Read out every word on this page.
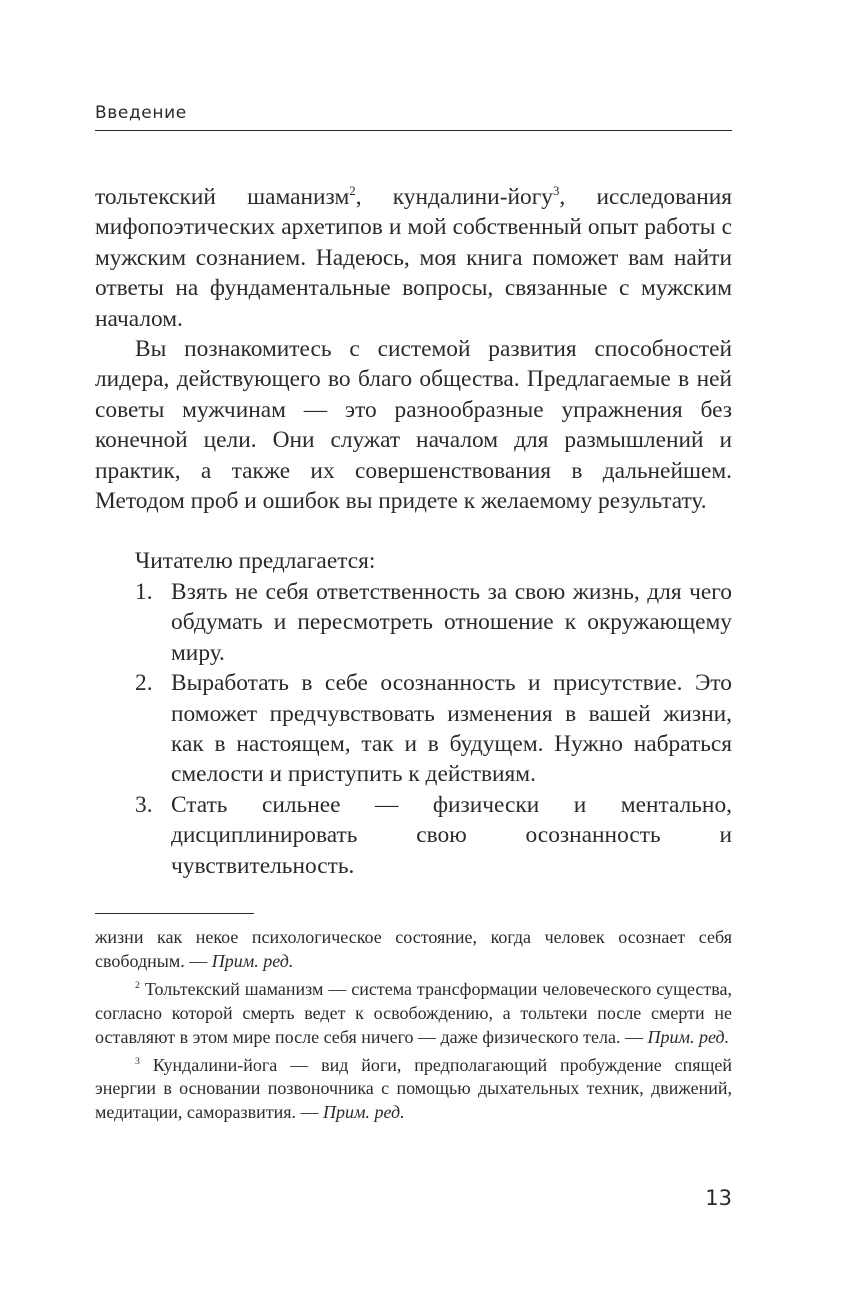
Введение

тольтекский шаманизм$^2$, кундалини-йогу$^3$, исследования мифопоэтических архетипов и мой собственный опыт работы с мужским сознанием. Надеюсь, моя книга поможет вам найти ответы на фундаментальные вопросы, связанные с мужским началом.

Вы познакомитесь с системой развития способностей лидера, действующего во благо общества. Предлагаемые в ней советы мужчинам — это разнообразные упражнения без конечной цели. Они служат началом для размышлений и практик, а также их совершенствования в дальнейшем. Методом проб и ошибок вы придете к желаемому результату.

Читателю предлагается:

1. Взять не себя ответственность за свою жизнь, для чего обдумать и пересмотреть отношение к окружающему миру.
2. Выработать в себе осознанность и присутствие. Это поможет предчувствовать изменения в вашей жизни, как в настоящем, так и в будущем. Нужно набраться смелости и приступить к действиям.
3. Стать сильнее — физически и ментально, дисциплинировать свою осознанность и чувствительность.

жизни как некое психологическое состояние, когда человек осознает себя свободным. — Прим. ред.

$^2$ Тольтекский шаманизм — система трансформации человеческого существа, согласно которой смерть ведет к освобождению, а тольтеки после смерти не оставляют в этом мире после себя ничего — даже физического тела. — Прим. ред.

$^3$ Кундалини-йога — вид йоги, предполагающий пробуждение спящей энергии в основании позвоночника с помощью дыхательных техник, движений, медитации, саморазвития. — Прим. ред.

13
